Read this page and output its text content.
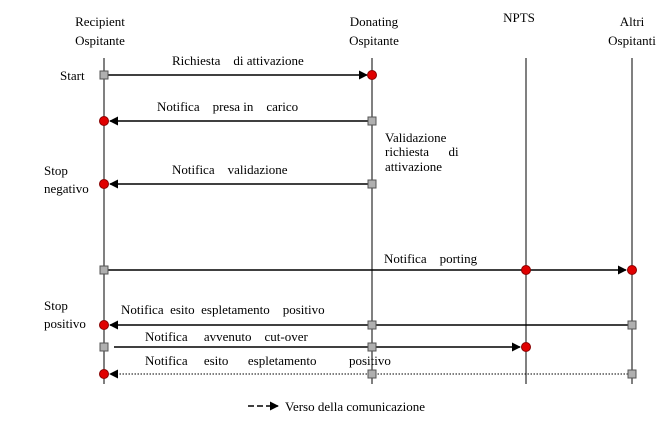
Recipient
Ospitante
Donating
Ospitante
NPTS	Altri
Ospitanti
Start
Stop
negativo
Stop
positivo
Validazione
richiesta      di
attivazione
Richiesta    di attivazione
Notifica    presa in    carico
Notifica    validazione
Notifica    porting
Notifica  esito  espletamento    positivo
Notifica     avvenuto    cut-over
Notifica     esito      espletamento          positivo
Verso della comunicazione
